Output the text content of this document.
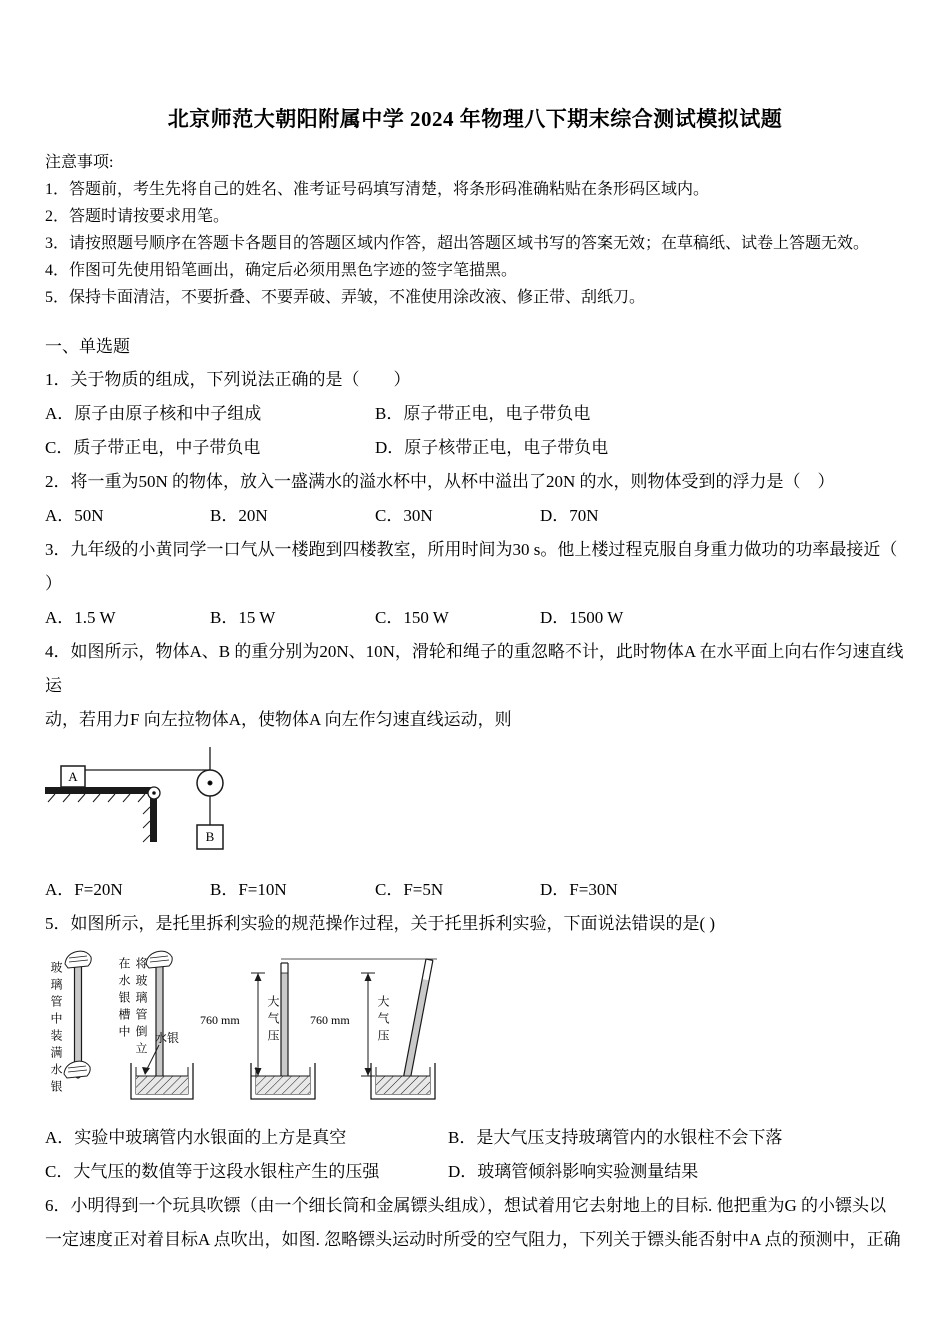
北京师范大朝阳附属中学 2024 年物理八下期末综合测试模拟试题
注意事项:
1．答题前，考生先将自己的姓名、准考证号码填写清楚，将条形码准确粘贴在条形码区域内。
2．答题时请按要求用笔。
3．请按照题号顺序在答题卡各题目的答题区域内作答，超出答题区域书写的答案无效；在草稿纸、试卷上答题无效。
4．作图可先使用铅笔画出，确定后必须用黑色字迹的签字笔描黑。
5．保持卡面清洁，不要折叠、不要弄破、弄皱，不准使用涂改液、修正带、刮纸刀。
一、单选题
1．关于物质的组成，下列说法正确的是（　　）
A．原子由原子核和中子组成	B．原子带正电，电子带负电
C．质子带正电，中子带负电	D．原子核带正电，电子带负电
2．将一重为50N 的物体，放入一盛满水的溢水杯中，从杯中溢出了20N 的水，则物体受到的浮力是（　）
A．50N	B．20N	C．30N	D．70N
3．九年级的小黄同学一口气从一楼跑到四楼教室，所用时间为30 s。他上楼过程克服自身重力做功的功率最接近（
）
A．1.5 W	B．15 W	C．150 W	D．1500 W
4．如图所示，物体A、B 的重分别为20N、10N，滑轮和绳子的重忽略不计，此时物体A 在水平面上向右作匀速直线运
动，若用力F 向左拉物体A，使物体A 向左作匀速直线运动，则
A
B
A．F=20N	B．F=10N	C．F=5N	D．F=30N
5．如图所示，是托里拆利实验的规范操作过程，关于托里拆利实验，下面说法错误的是( )
玻璃管中装满水银	将玻璃管倒立在水银槽中	水银
760 mm 大气压	760 mm 大气压
A．实验中玻璃管内水银面的上方是真空	B．是大气压支持玻璃管内的水银柱不会下落
C．大气压的数值等于这段水银柱产生的压强	D．玻璃管倾斜影响实验测量结果
6．小明得到一个玩具吹镖（由一个细长筒和金属镖头组成），想试着用它去射地上的目标. 他把重为G 的小镖头以
一定速度正对着目标A 点吹出，如图. 忽略镖头运动时所受的空气阻力，下列关于镖头能否射中A 点的预测中，正确
